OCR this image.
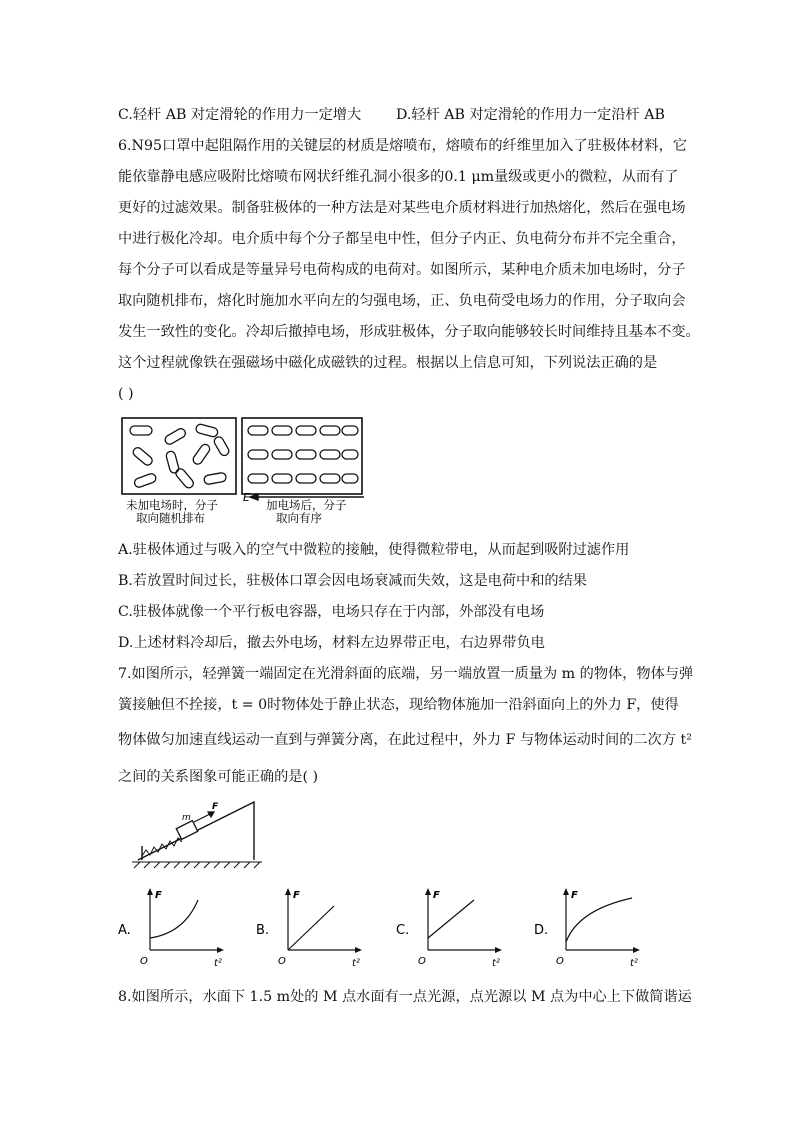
C.轻杆 AB 对定滑轮的作用力一定增大 D.轻杆 AB 对定滑轮的作用力一定沿杆 AB
6.N95口罩中起阻隔作用的关键层的材质是熔喷布，熔喷布的纤维里加入了驻极体材料，它
能依靠静电感应吸附比熔喷布网状纤维孔洞小很多的0.1 μm量级或更小的微粒，从而有了
更好的过滤效果。制备驻极体的一种方法是对某些电介质材料进行加热熔化，然后在强电场
中进行极化冷却。电介质中每个分子都呈电中性，但分子内正、负电荷分布并不完全重合，
每个分子可以看成是等量异号电荷构成的电荷对。如图所示，某种电介质未加电场时，分子
取向随机排布，熔化时施加水平向左的匀强电场，正、负电荷受电场力的作用，分子取向会
发生一致性的变化。冷却后撤掉电场，形成驻极体，分子取向能够较长时间维持且基本不变。
这个过程就像铁在强磁场中磁化成磁铁的过程。根据以上信息可知，下列说法正确的是
( )
E
未加电场时，分子
取向随机排布
加电场后，分子
取向有序
A.驻极体通过与吸入的空气中微粒的接触，使得微粒带电，从而起到吸附过滤作用
B.若放置时间过长，驻极体口罩会因电场衰减而失效，这是电荷中和的结果
C.驻极体就像一个平行板电容器，电场只存在于内部，外部没有电场
D.上述材料冷却后，撤去外电场，材料左边界带正电，右边界带负电
7.如图所示，轻弹簧一端固定在光滑斜面的底端，另一端放置一质量为 m 的物体，物体与弹
簧接触但不拴接，t = 0时物体处于静止状态，现给物体施加一沿斜面向上的外力 F，使得
物体做匀加速直线运动一直到与弹簧分离，在此过程中，外力 F 与物体运动时间的二次方 t²
之间的关系图象可能正确的是( )
m
F
A.
F
O	t²
B.
F
O	t²
C.
F
O	t²
D.
F
O	t²
8.如图所示，水面下 1.5 m处的 M 点水面有一点光源，点光源以 M 点为中心上下做简谐运
